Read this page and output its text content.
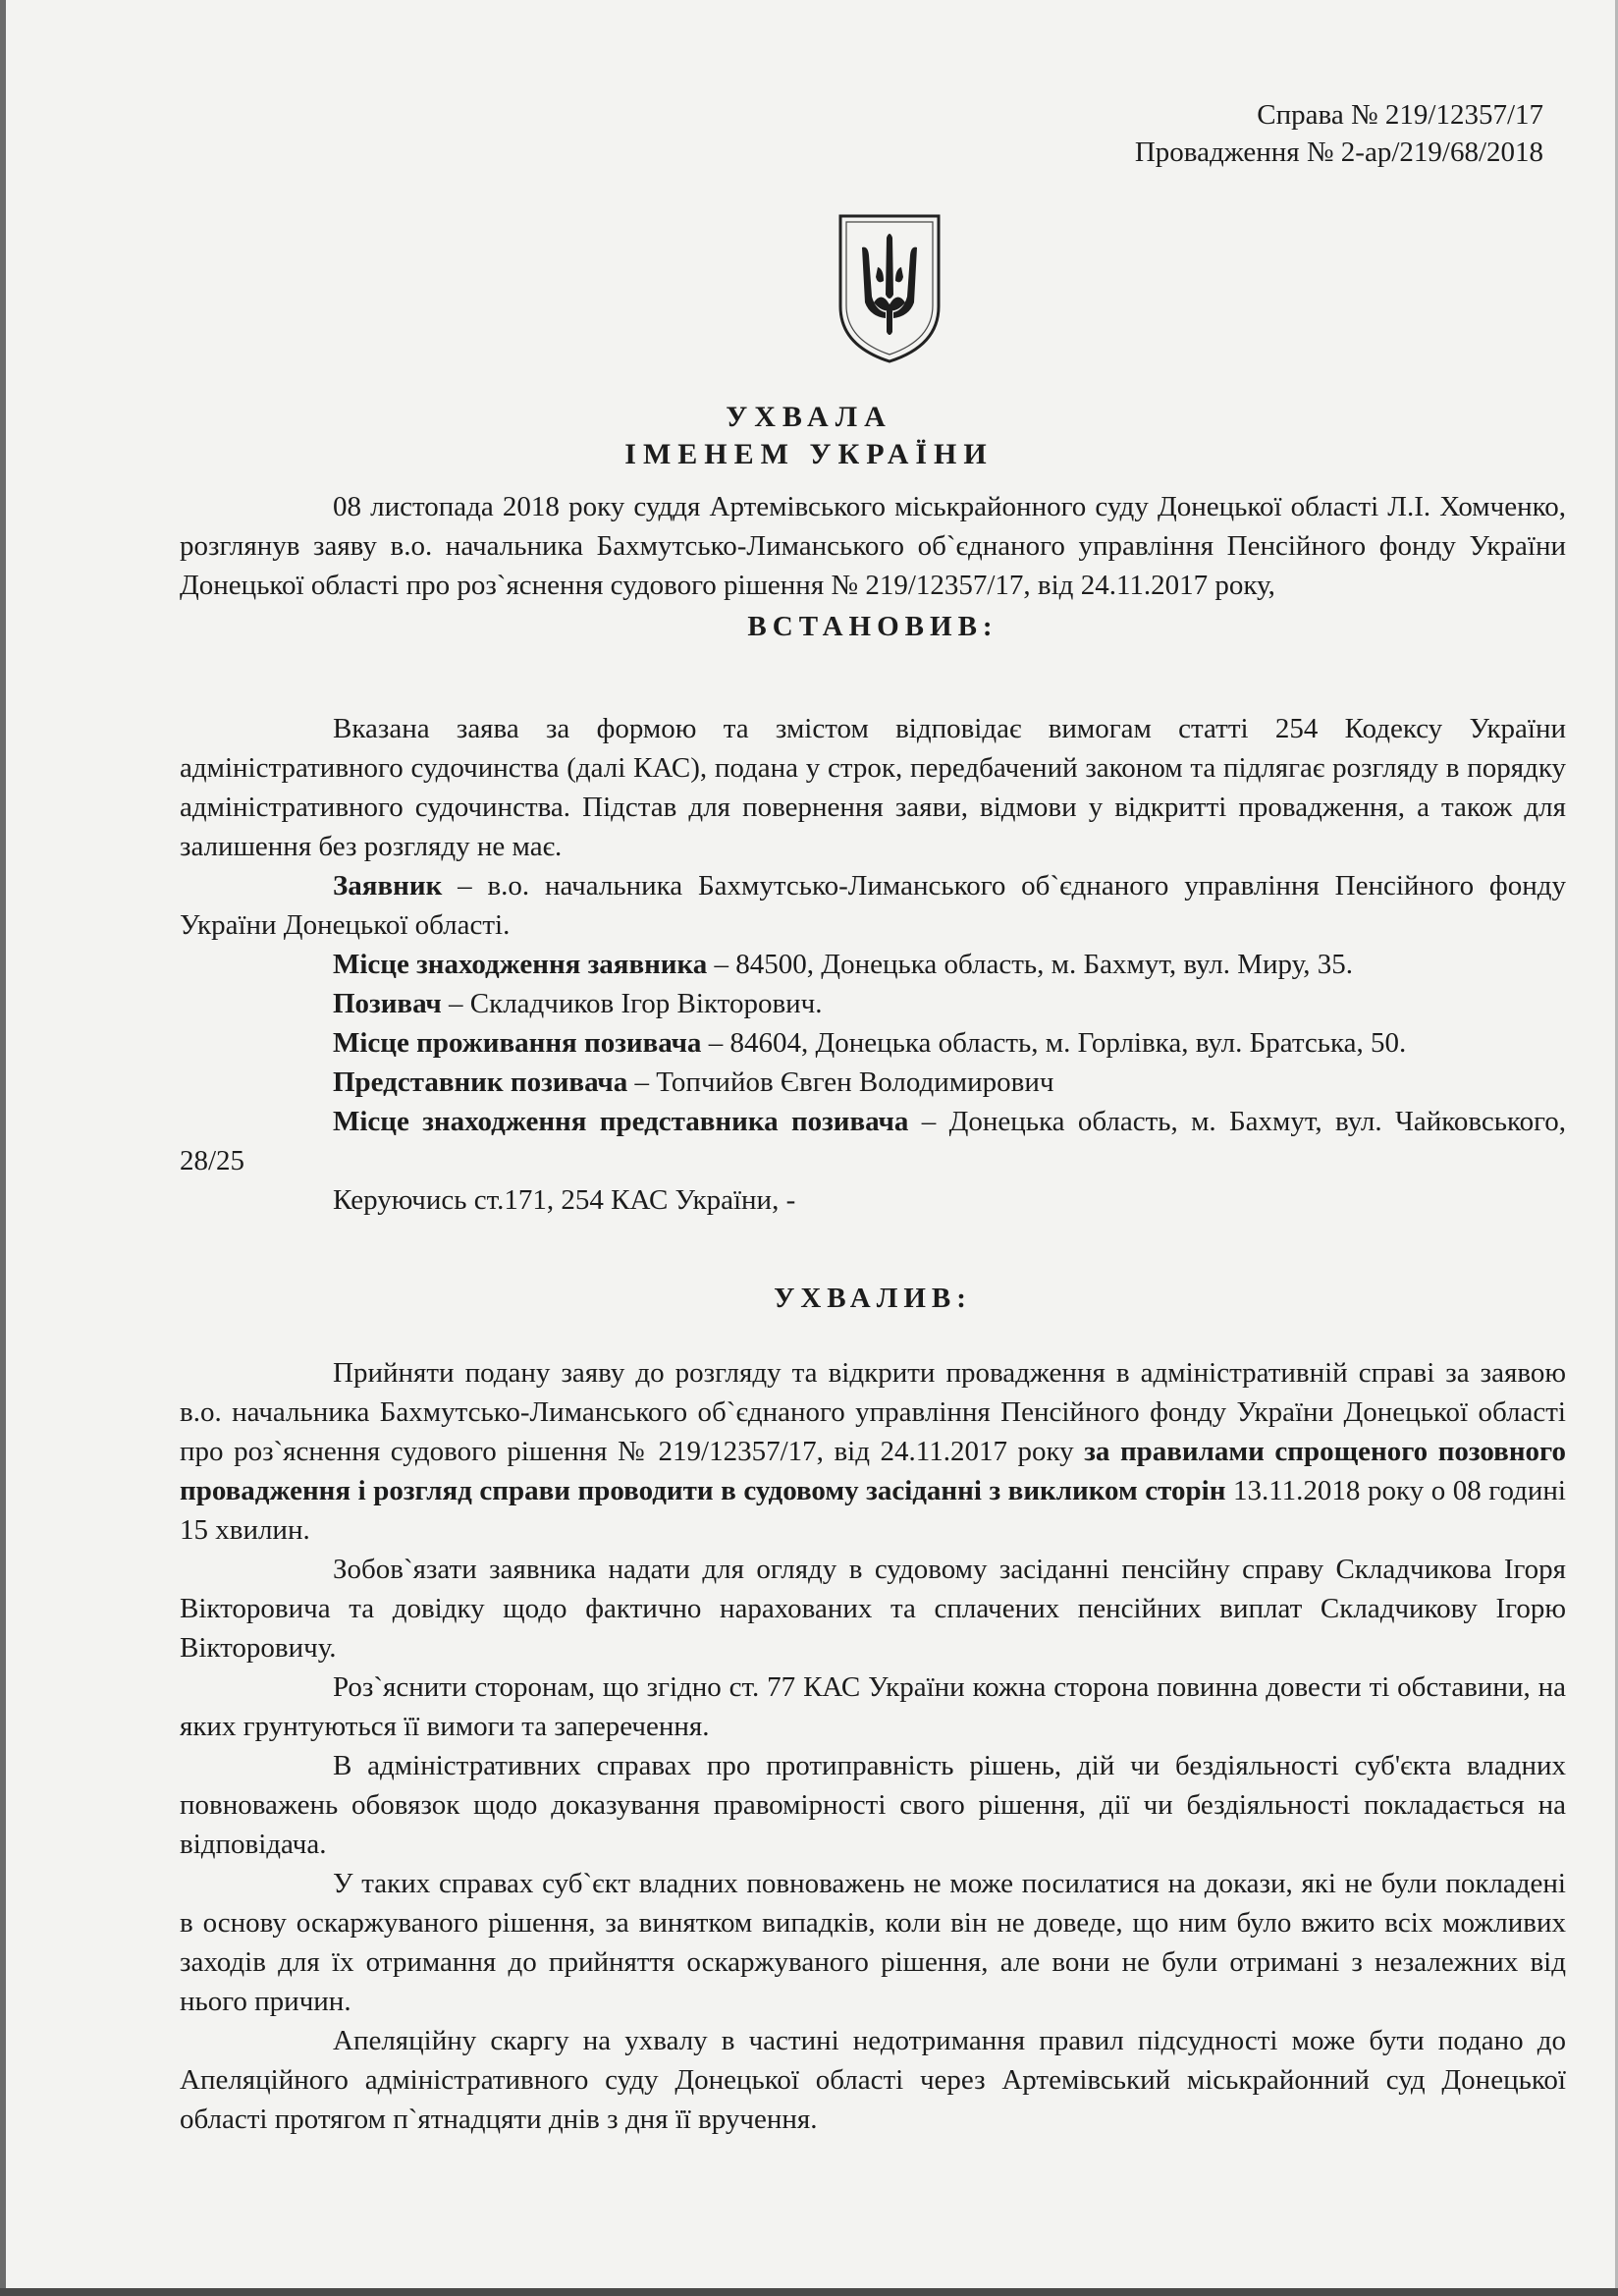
Справа № 219/12357/17
Провадження № 2-ар/219/68/2018
УХВАЛА
ІМЕНЕМ УКРАЇНИ

08 листопада 2018 року суддя Артемівського міськрайонного суду Донецької області Л.І. Хомченко, розглянув заяву в.о. начальника Бахмутсько-Лиманського об`єднаного управління Пенсійного фонду України Донецької області про роз`яснення судового рішення № 219/12357/17, від 24.11.2017 року,

ВСТАНОВИВ:

Вказана заява за формою та змістом відповідає вимогам статті 254 Кодексу України адміністративного судочинства (далі КАС), подана у строк, передбачений законом та підлягає розгляду в порядку адміністративного судочинства. Підстав для повернення заяви, відмови у відкритті провадження, а також для залишення без розгляду не має.

Заявник – в.о. начальника Бахмутсько-Лиманського об`єднаного управління Пенсійного фонду України Донецької області.

Місце знаходження заявника – 84500, Донецька область, м. Бахмут, вул. Миру, 35.

Позивач – Складчиков Ігор Вікторович.

Місце проживання позивача – 84604, Донецька область, м. Горлівка, вул. Братська, 50.

Представник позивача – Топчийов Євген Володимирович

Місце знаходження представника позивача – Донецька область, м. Бахмут, вул. Чайковського, 28/25

Керуючись ст.171, 254 КАС України, -

УХВАЛИВ:

Прийняти подану заяву до розгляду та відкрити провадження в адміністративній справі за заявою в.о. начальника Бахмутсько-Лиманського об`єднаного управління Пенсійного фонду України Донецької області про роз`яснення судового рішення № 219/12357/17, від 24.11.2017 року за правилами спрощеного позовного провадження і розгляд справи проводити в судовому засіданні з викликом сторін 13.11.2018 року о 08 годині 15 хвилин.

Зобов`язати заявника надати для огляду в судовому засіданні пенсійну справу Складчикова Ігоря Вікторовича та довідку щодо фактично нарахованих та сплачених пенсійних виплат Складчикову Ігорю Вікторовичу.

Роз`яснити сторонам, що згідно ст. 77 КАС України кожна сторона повинна довести ті обставини, на яких грунтуються її вимоги та заперечення.

В адміністративних справах про протиправність рішень, дій чи бездіяльності суб'єкта владних повноважень обовязок щодо доказування правомірності свого рішення, дії чи бездіяльності покладається на відповідача.

У таких справах суб`єкт владних повноважень не може посилатися на докази, які не були покладені в основу оскаржуваного рішення, за винятком випадків, коли він не доведе, що ним було вжито всіх можливих заходів для їх отримання до прийняття оскаржуваного рішення, але вони не були отримані з незалежних від нього причин.

Апеляційну скаргу на ухвалу в частині недотримання правил підсудності може бути подано до Апеляційного адміністративного суду Донецької області через Артемівський міськрайонний суд Донецької області протягом п`ятнадцяти днів з дня її вручення.
